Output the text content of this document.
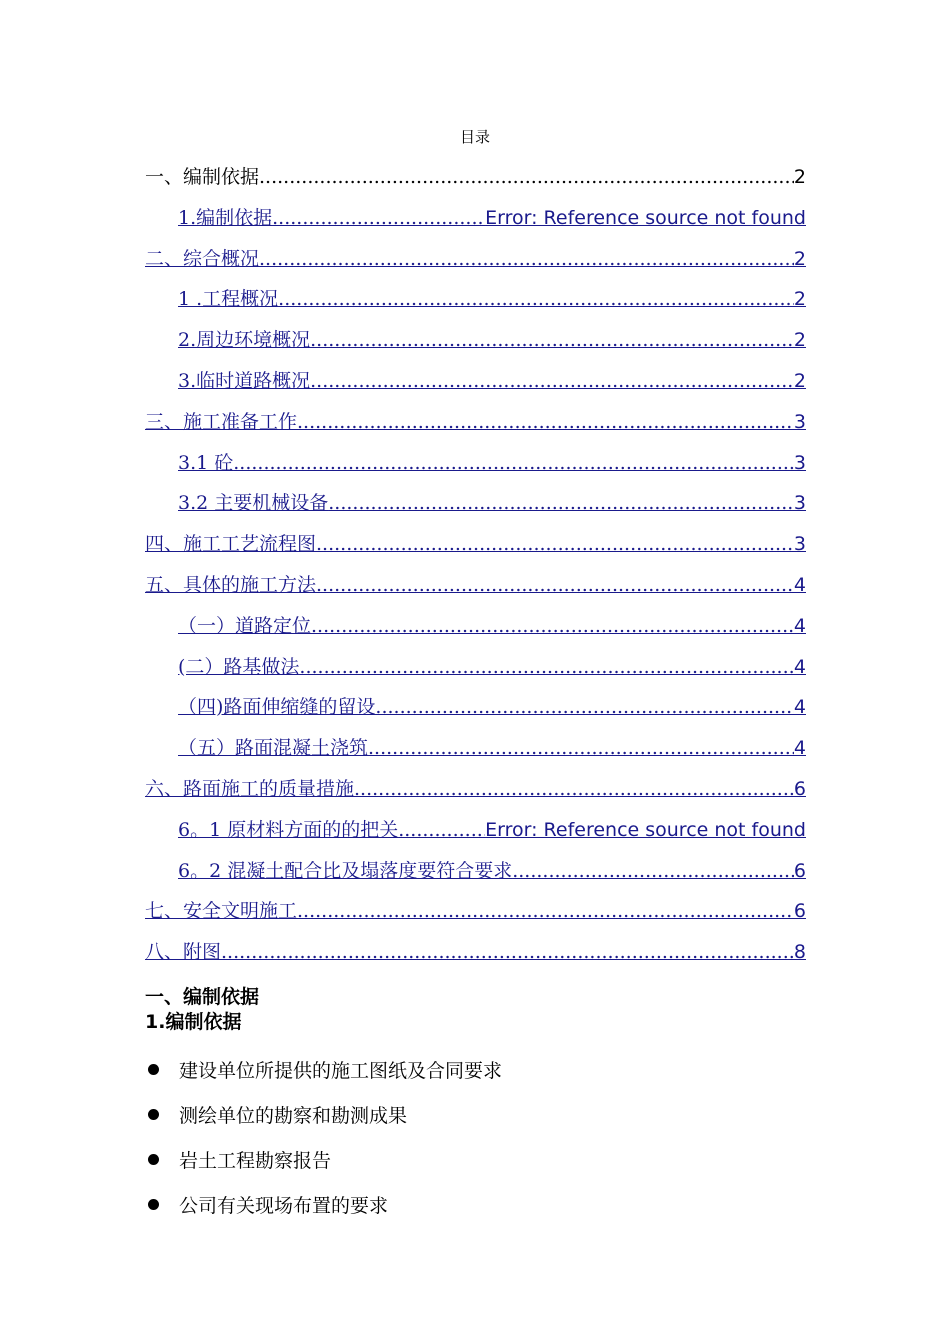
目录
一、编制依据 .....	2
1.编制依据 .....	Error: Reference source not found
二、综合概况 .....	2
1 .工程概况 .....	2
2.周边环境概况 .....	2
3.临时道路概况 .....	2
三、施工准备工作 .....	3
3.1 砼 .....	3
3.2 主要机械设备 .....	3
四、施工工艺流程图 .....	3
五、具体的施工方法 .....	4
（一）道路定位 .....	4
(二）路基做法 .....	4
（四)路面伸缩缝的留设 .....	4
（五）路面混凝土浇筑 .....	4
六、路面施工的质量措施 .....	6
6。1 原材料方面的的把关 .....	Error: Reference source not found
6。2 混凝土配合比及塌落度要符合要求 .....	6
七、安全文明施工 .....	6
八、附图 .....	8
一、编制依据
1.编制依据
建设单位所提供的施工图纸及合同要求
测绘单位的勘察和勘测成果
岩土工程勘察报告
公司有关现场布置的要求
